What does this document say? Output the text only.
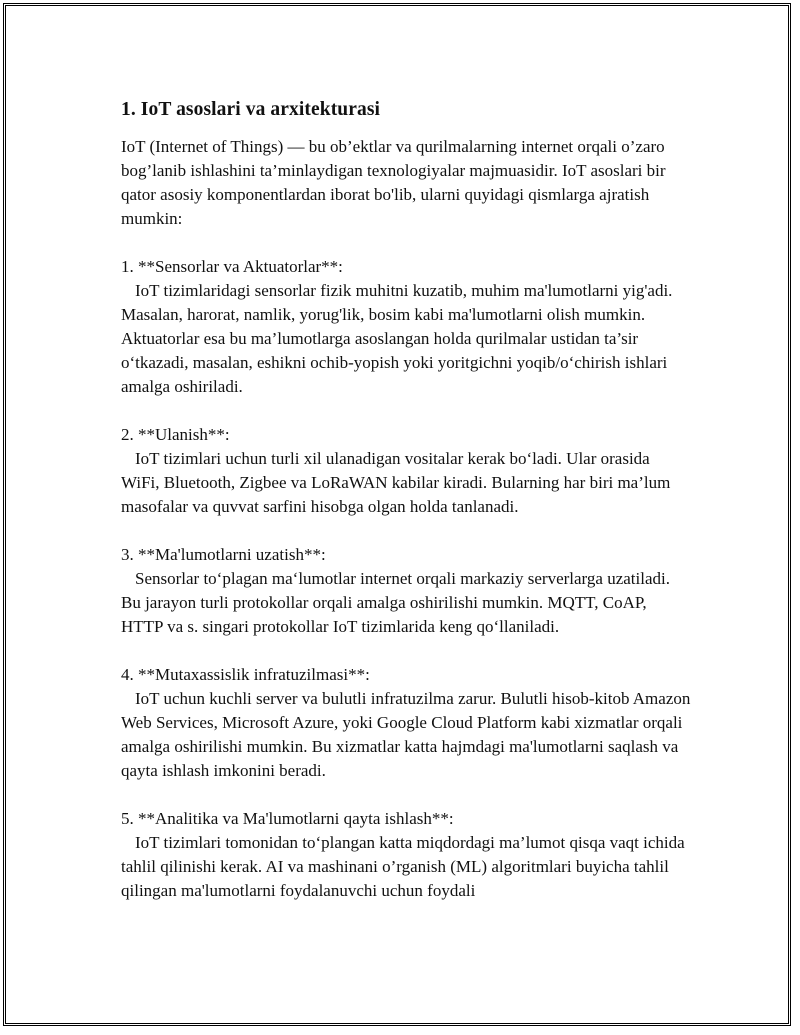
1. IoT asoslari va arxitekturasi

IoT (Internet of Things) — bu ob’ektlar va qurilmalarning internet orqali o’zaro bog’lanib ishlashini ta’minlaydigan texnologiyalar majmuasidir. IoT asoslari bir qator asosiy komponentlardan iborat bo'lib, ularni quyidagi qismlarga ajratish mumkin:

1. **Sensorlar va Aktuatorlar**:

IoT tizimlaridagi sensorlar fizik muhitni kuzatib, muhim ma'lumotlarni yig'adi. Masalan, harorat, namlik, yorug'lik, bosim kabi ma'lumotlarni olish mumkin. Aktuatorlar esa bu ma’lumotlarga asoslangan holda qurilmalar ustidan ta’sir o‘tkazadi, masalan, eshikni ochib-yopish yoki yoritgichni yoqib/o‘chirish ishlari amalga oshiriladi.

2. **Ulanish**:

IoT tizimlari uchun turli xil ulanadigan vositalar kerak bo‘ladi. Ular orasida WiFi, Bluetooth, Zigbee va LoRaWAN kabilar kiradi. Bularning har biri ma’lum masofalar va quvvat sarfini hisobga olgan holda tanlanadi.

3. **Ma'lumotlarni uzatish**:

Sensorlar to‘plagan ma‘lumotlar internet orqali markaziy serverlarga uzatiladi. Bu jarayon turli protokollar orqali amalga oshirilishi mumkin. MQTT, CoAP, HTTP va s. singari protokollar IoT tizimlarida keng qo‘llaniladi.

4. **Mutaxassislik infratuzilmasi**:

IoT uchun kuchli server va bulutli infratuzilma zarur. Bulutli hisob-kitob Amazon Web Services, Microsoft Azure, yoki Google Cloud Platform kabi xizmatlar orqali amalga oshirilishi mumkin. Bu xizmatlar katta hajmdagi ma'lumotlarni saqlash va qayta ishlash imkonini beradi.

5. **Analitika va Ma'lumotlarni qayta ishlash**:

IoT tizimlari tomonidan to‘plangan katta miqdordagi ma’lumot qisqa vaqt ichida tahlil qilinishi kerak. AI va mashinani o’rganish (ML) algoritmlari buyicha tahlil qilingan ma'lumotlarni foydalanuvchi uchun foydali
